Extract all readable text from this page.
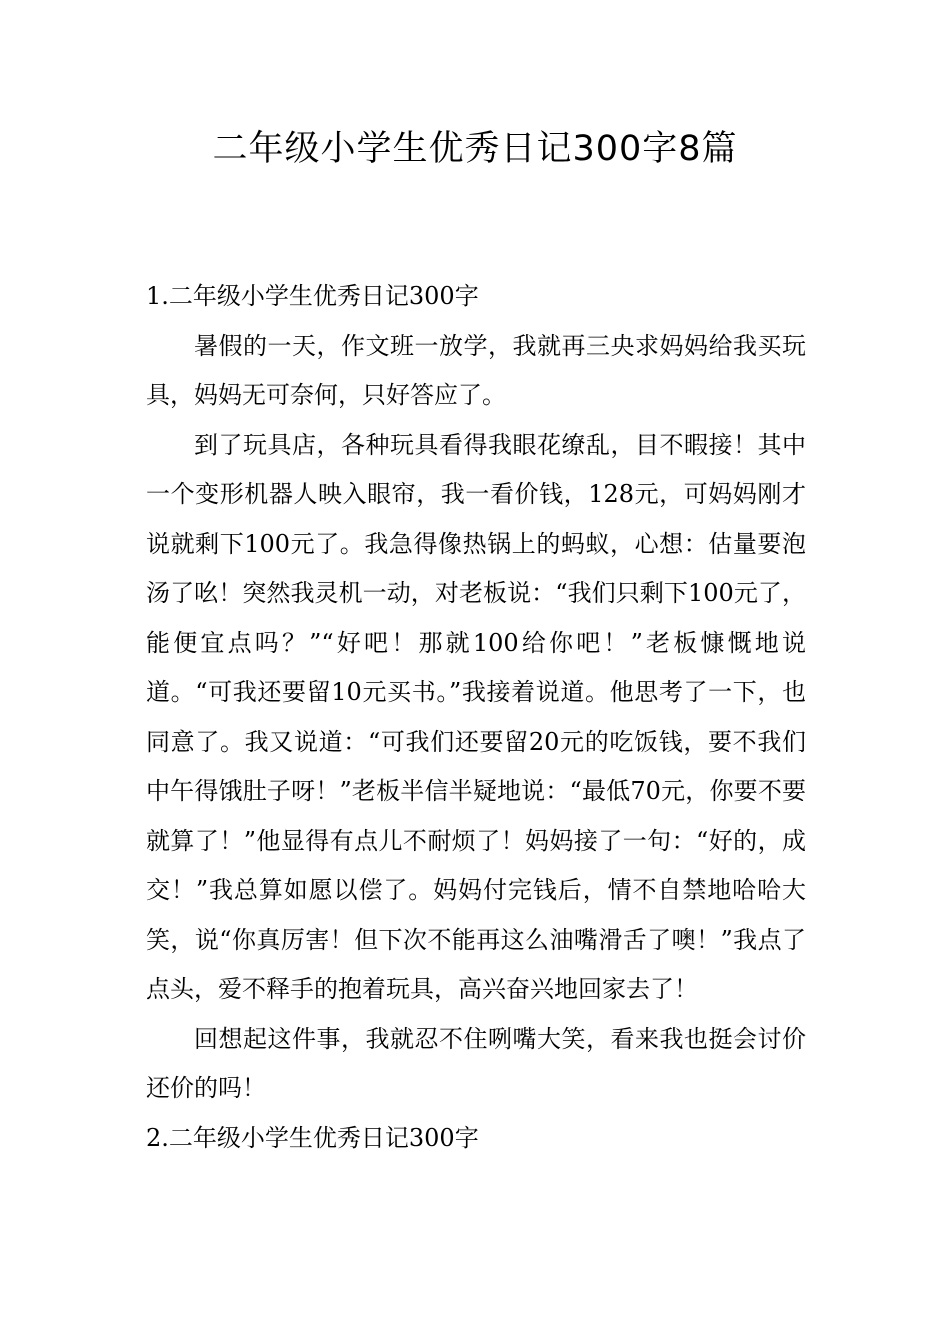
二年级小学生优秀日记300字8篇
1.二年级小学生优秀日记300字

暑假的一天，作文班一放学，我就再三央求妈妈给我买玩具，妈妈无可奈何，只好答应了。

到了玩具店，各种玩具看得我眼花缭乱，目不暇接！其中一个变形机器人映入眼帘，我一看价钱，128元，可妈妈刚才说就剩下100元了。我急得像热锅上的蚂蚁，心想：估量要泡汤了吆！突然我灵机一动，对老板说：“我们只剩下100元了，能便宜点吗？”“好吧！那就100给你吧！”老板慷慨地说道。“可我还要留10元买书。”我接着说道。他思考了一下，也同意了。我又说道：“可我们还要留20元的吃饭钱，要不我们中午得饿肚子呀！”老板半信半疑地说：“最低70元，你要不要就算了！”他显得有点儿不耐烦了！妈妈接了一句：“好的，成交！”我总算如愿以偿了。妈妈付完钱后，情不自禁地哈哈大笑，说“你真厉害！但下次不能再这么油嘴滑舌了噢！”我点了点头，爱不释手的抱着玩具，高兴奋兴地回家去了！

回想起这件事，我就忍不住咧嘴大笑，看来我也挺会讨价还价的吗！

2.二年级小学生优秀日记300字
